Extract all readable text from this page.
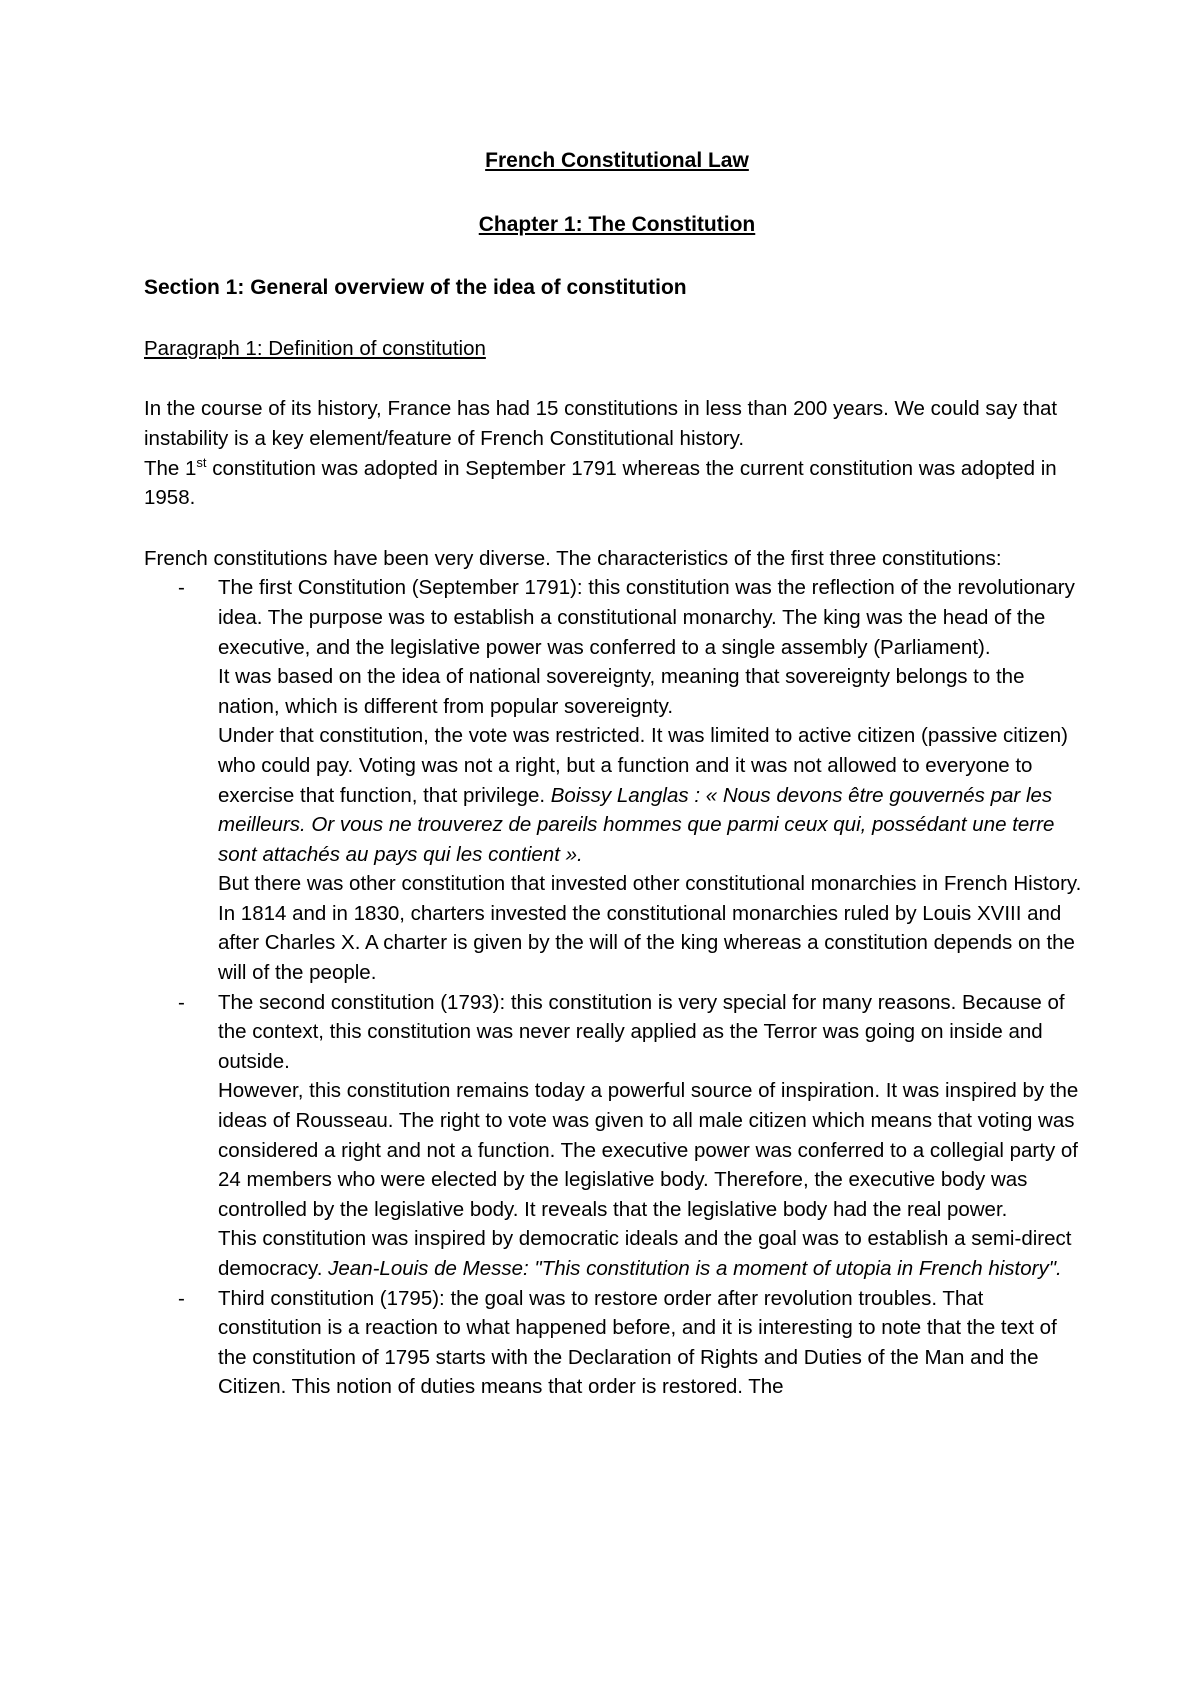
French Constitutional Law

Chapter 1: The Constitution

Section 1: General overview of the idea of constitution

Paragraph 1: Definition of constitution

In the course of its history, France has had 15 constitutions in less than 200 years. We could say that instability is a key element/feature of French Constitutional history.

The 1st constitution was adopted in September 1791 whereas the current constitution was adopted in 1958.

French constitutions have been very diverse. The characteristics of the first three constitutions:

- The first Constitution (September 1791): this constitution was the reflection of the revolutionary idea. The purpose was to establish a constitutional monarchy. The king was the head of the executive, and the legislative power was conferred to a single assembly (Parliament).

It was based on the idea of national sovereignty, meaning that sovereignty belongs to the nation, which is different from popular sovereignty.

Under that constitution, the vote was restricted. It was limited to active citizen (passive citizen) who could pay. Voting was not a right, but a function and it was not allowed to everyone to exercise that function, that privilege. Boissy Langlas : « Nous devons être gouvernés par les meilleurs. Or vous ne trouverez de pareils hommes que parmi ceux qui, possédant une terre sont attachés au pays qui les contient ».

But there was other constitution that invested other constitutional monarchies in French History. In 1814 and in 1830, charters invested the constitutional monarchies ruled by Louis XVIII and after Charles X. A charter is given by the will of the king whereas a constitution depends on the will of the people.

- The second constitution (1793): this constitution is very special for many reasons. Because of the context, this constitution was never really applied as the Terror was going on inside and outside.

However, this constitution remains today a powerful source of inspiration. It was inspired by the ideas of Rousseau. The right to vote was given to all male citizen which means that voting was considered a right and not a function. The executive power was conferred to a collegial party of 24 members who were elected by the legislative body. Therefore, the executive body was controlled by the legislative body. It reveals that the legislative body had the real power.

This constitution was inspired by democratic ideals and the goal was to establish a semi-direct democracy. Jean-Louis de Messe: "This constitution is a moment of utopia in French history".

- Third constitution (1795): the goal was to restore order after revolution troubles. That constitution is a reaction to what happened before, and it is interesting to note that the text of the constitution of 1795 starts with the Declaration of Rights and Duties of the Man and the Citizen. This notion of duties means that order is restored. The
